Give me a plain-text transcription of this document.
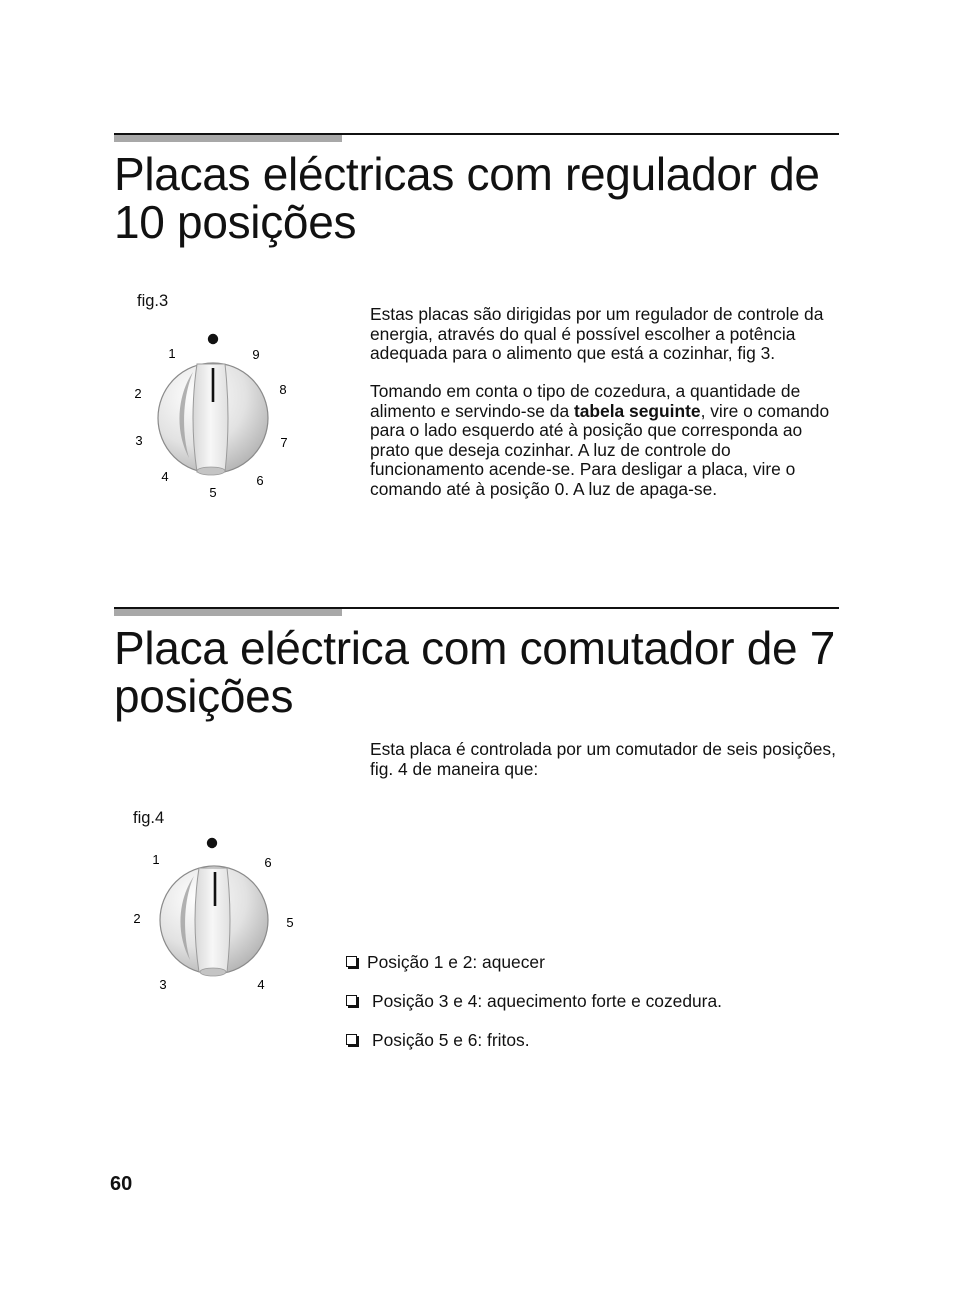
Placas eléctricas com regulador de
10 posições
fig.3
1
2
3
4
5
6
7
8
9

Estas placas são dirigidas por um regulador de controle da energia, através do qual é possível escolher a potência adequada para o alimento que está a cozinhar, fig 3.

Tomando em conta o tipo de cozedura, a quantidade de alimento e servindo-se da tabela seguinte, vire o comando para o lado esquerdo até à posição que corresponda ao prato que deseja cozinhar. A luz de controle do funcionamento acende-se. Para desligar a placa, vire o comando até à posição 0. A luz de apaga-se.

Placa eléctrica com comutador de 7
posições

Esta placa é controlada por um comutador de seis posições, fig. 4 de maneira que:

fig.4
1
2
3	4
5
6
Posição 1 e 2: aquecer
Posição 3 e 4: aquecimento forte e cozedura.
Posição 5 e 6: fritos.
60
